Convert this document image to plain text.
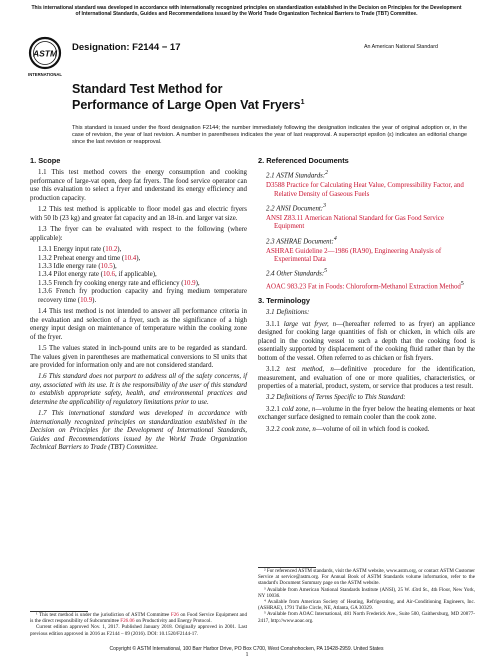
This international standard was developed in accordance with internationally recognized principles on standardization established in the Decision on Principles for the Development of International Standards, Guides and Recommendations issued by the World Trade Organization Technical Barriers to Trade (TBT) Committee.
ASTM
INTERNATIONAL
Designation: F2144 − 17	An American National Standard
Standard Test Method for
Performance of Large Open Vat Fryers$^1$
This standard is issued under the fixed designation F2144; the number immediately following the designation indicates the year of original adoption or, in the case of revision, the year of last revision. A number in parentheses indicates the year of last reapproval. A superscript epsilon (ε) indicates an editorial change since the last revision or reapproval.
1. Scope
1.1 This test method covers the energy consumption and cooking performance of large-vat open, deep fat fryers. The food service operator can use this evaluation to select a fryer and understand its energy efficiency and production capacity.
1.2 This test method is applicable to floor model gas and electric fryers with 50 lb (23 kg) and greater fat capacity and an 18-in. and larger vat size.
1.3 The fryer can be evaluated with respect to the following (where applicable):
1.3.1 Energy input rate (10.2),
1.3.2 Preheat energy and time (10.4),
1.3.3 Idle energy rate (10.5),
1.3.4 Pilot energy rate (10.6, if applicable),
1.3.5 French fry cooking energy rate and efficiency (10.9),
1.3.6 French fry production capacity and frying medium temperature recovery time (10.9).
1.4 This test method is not intended to answer all performance criteria in the evaluation and selection of a fryer, such as the significance of a high energy input design on maintenance of temperature within the cooking zone of the fryer.
1.5 The values stated in inch-pound units are to be regarded as standard. The values given in parentheses are mathematical conversions to SI units that are provided for information only and are not considered standard.
1.6 This standard does not purport to address all of the safety concerns, if any, associated with its use. It is the responsibility of the user of this standard to establish appropriate safety, health, and environmental practices and determine the applicability of regulatory limitations prior to use.
1.7 This international standard was developed in accordance with internationally recognized principles on standardization established in the Decision on Principles for the Development of International Standards, Guides and Recommendations issued by the World Trade Organization Technical Barriers to Trade (TBT) Committee.
¹ This test method is under the jurisdiction of ASTM Committee F26 on Food Service Equipment and is the direct responsibility of Subcommittee F26.06 on Productivity and Energy Protocol.
Current edition approved Nov. 1, 2017. Published January 2018. Originally approved in 2001. Last previous edition approved in 2016 as F2144 – 09 (2016). DOI: 10.1520/F2144-17.
2. Referenced Documents
2.1 ASTM Standards:$^2$
D3588 Practice for Calculating Heat Value, Compressibility Factor, and Relative Density of Gaseous Fuels
2.2 ANSI Document:$^3$
ANSI Z83.11 American National Standard for Gas Food Service Equipment
2.3 ASHRAE Document:$^4$
ASHRAE Guideline 2—1986 (RA90), Engineering Analysis of Experimental Data
2.4 Other Standards:$^5$
AOAC 983.23 Fat in Foods: Chloroform-Methanol Extraction Method$^5$
3. Terminology
3.1 Definitions:
3.1.1 large vat fryer, n—(hereafter referred to as fryer) an appliance designed for cooking large quantities of fish or chicken, in which oils are placed in the cooking vessel to such a depth that the cooking food is essentially supported by displacement of the cooking fluid rather than by the bottom of the vessel. Often referred to as chicken or fish fryers.
3.1.2 test method, n—definitive procedure for the identification, measurement, and evaluation of one or more qualities, characteristics, or properties of a material, product, system, or service that produces a test result.
3.2 Definitions of Terms Specific to This Standard:
3.2.1 cold zone, n—volume in the fryer below the heating elements or heat exchanger surface designed to remain cooler than the cook zone.
3.2.2 cook zone, n—volume of oil in which food is cooked.
² For referenced ASTM standards, visit the ASTM website, www.astm.org, or contact ASTM Customer Service at service@astm.org. For Annual Book of ASTM Standards volume information, refer to the standard's Document Summary page on the ASTM website.
³ Available from American National Standards Institute (ANSI), 25 W. 43rd St., 4th Floor, New York, NY 10036.
⁴ Available from American Society of Heating, Refrigerating, and Air-Conditioning Engineers, Inc. (ASHRAE), 1791 Tullie Circle, NE, Atlanta, GA 30329.
⁵ Available from AOAC International, 481 North Frederick Ave., Suite 500, Gaithersburg, MD 20877-2417, http://www.aoac.org.
Copyright © ASTM International, 100 Barr Harbor Drive, PO Box C700, West Conshohocken, PA 19428-2959. United States
1
